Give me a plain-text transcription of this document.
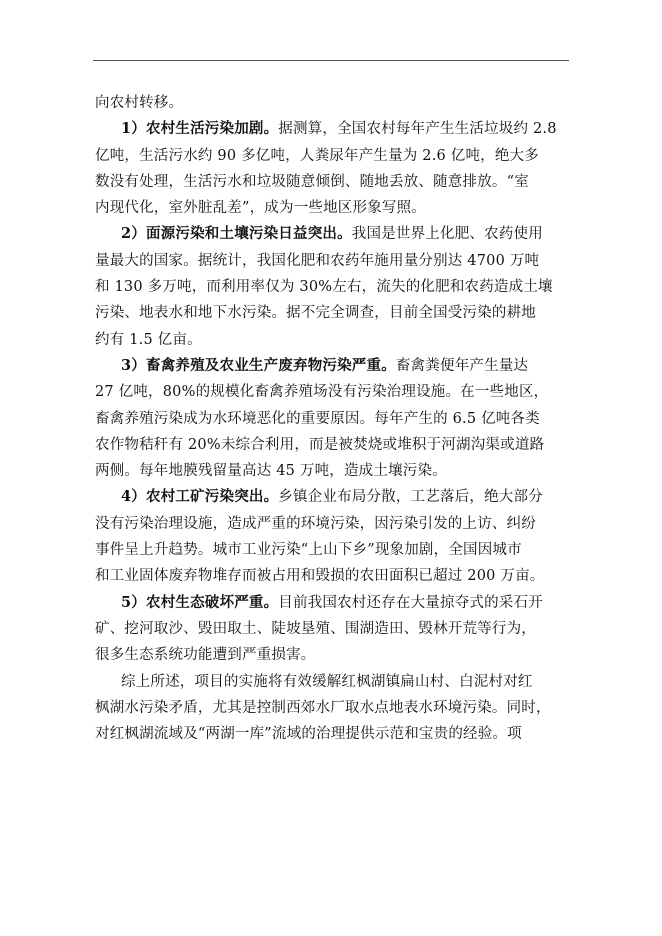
向农村转移。
1）农村生活污染加剧。据测算，全国农村每年产生生活垃圾约 2.8
亿吨，生活污水约 90 多亿吨，人粪尿年产生量为 2.6 亿吨，绝大多
数没有处理，生活污水和垃圾随意倾倒、随地丢放、随意排放。“室
内现代化，室外脏乱差”，成为一些地区形象写照。
2）面源污染和土壤污染日益突出。我国是世界上化肥、农药使用
量最大的国家。据统计，我国化肥和农药年施用量分别达 4700 万吨
和 130 多万吨，而利用率仅为 30%左右，流失的化肥和农药造成土壤
污染、地表水和地下水污染。据不完全调查，目前全国受污染的耕地
约有 1.5 亿亩。
3）畜禽养殖及农业生产废弃物污染严重。畜禽粪便年产生量达
27 亿吨，80%的规模化畜禽养殖场没有污染治理设施。在一些地区，
畜禽养殖污染成为水环境恶化的重要原因。每年产生的 6.5 亿吨各类
农作物秸秆有 20%未综合利用，而是被焚烧或堆积于河湖沟渠或道路
两侧。每年地膜残留量高达 45 万吨，造成土壤污染。
4）农村工矿污染突出。乡镇企业布局分散，工艺落后，绝大部分
没有污染治理设施，造成严重的环境污染，因污染引发的上访、纠纷
事件呈上升趋势。城市工业污染“上山下乡”现象加剧，全国因城市
和工业固体废弃物堆存而被占用和毁损的农田面积已超过 200 万亩。
5）农村生态破坏严重。目前我国农村还存在大量掠夺式的采石开
矿、挖河取沙、毁田取土、陡坡垦殖、围湖造田、毁林开荒等行为，
很多生态系统功能遭到严重损害。
综上所述，项目的实施将有效缓解红枫湖镇扁山村、白泥村对红
枫湖水污染矛盾，尤其是控制西郊水厂取水点地表水环境污染。同时，
对红枫湖流域及“两湖一库”流域的治理提供示范和宝贵的经验。项
